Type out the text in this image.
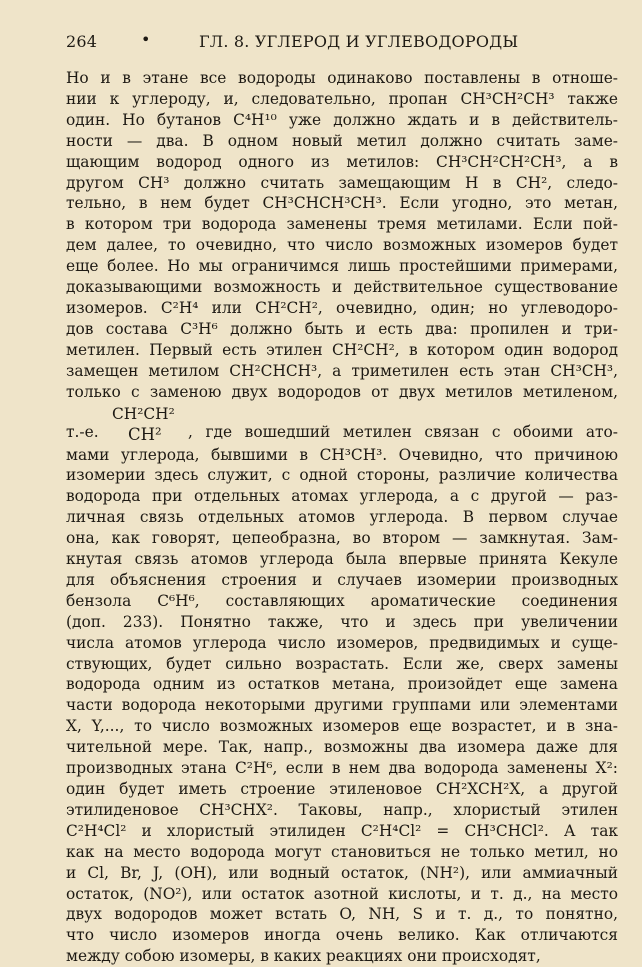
264	•	ГЛ. 8. УГЛЕРОД И УГЛЕВОДОРОДЫ
Но и в этане все водороды одинаково поставлены в отноше-
нии к углероду, и, следовательно, пропан CH³CH²CH³ также
один. Но бутанов C⁴H¹⁰ уже должно ждать и в действитель-
ности — два. В одном новый метил должно считать заме-
щающим водород одного из метилов: CH³CH²CH²CH³, а в
другом CH³ должно считать замещающим H в CH², следо-
тельно, в нем будет CH³CHCH³CH³. Если угодно, это метан,
в котором три водорода заменены тремя метилами. Если пой-
дем далее, то очевидно, что число возможных изомеров будет
еще более. Но мы ограничимся лишь простейшими примерами,
доказывающими возможность и действительное существование
изомеров. C²H⁴ или CH²CH², очевидно, один; но углеводоро-
дов состава C³H⁶ должно быть и есть два: пропилен и три-
метилен. Первый есть этилен CH²CH², в котором один водород
замещен метилом CH²CHCH³, а триметилен есть этан CH³CH³,
только с заменою двух водородов от двух метилов метиленом,
т.-е.
CH²CH²
CH² , где вошедший метилен связан с обоими ато-
мами углерода, бывшими в CH³CH³. Очевидно, что причиною
изомерии здесь служит, с одной стороны, различие количества
водорода при отдельных атомах углерода, а с другой — раз-
личная связь отдельных атомов углерода. В первом случае
она, как говорят, цепеобразна, во втором — замкнутая. Зам-
кнутая связь атомов углерода была впервые принята Кекуле
для объяснения строения и случаев изомерии производных
бензола C⁶H⁶, составляющих ароматические соединения
(доп. 233). Понятно также, что и здесь при увеличении
числа атомов углерода число изомеров, предвидимых и суще-
ствующих, будет сильно возрастать. Если же, сверх замены
водорода одним из остатков метана, произойдет еще замена
части водорода некоторыми другими группами или элементами
X, Y,..., то число возможных изомеров еще возрастет, и в зна-
чительной мере. Так, напр., возможны два изомера даже для
производных этана C²H⁶, если в нем два водорода заменены X²:
один будет иметь строение этиленовое CH²XCH²X, а другой
этилиденовое CH³CHX². Таковы, напр., хлористый этилен
C²H⁴Cl² и хлористый этилиден C²H⁴Cl² = CH³CHCl². А так
как на место водорода могут становиться не только метил, но
и Cl, Br, J, (OH), или водный остаток, (NH²), или аммиачный
остаток, (NO²), или остаток азотной кислоты, и т. д., на место
двух водородов может встать O, NH, S и т. д., то понятно,
что число изомеров иногда очень велико. Как отличаются
между собою изомеры, в каких реакциях они происходят,
